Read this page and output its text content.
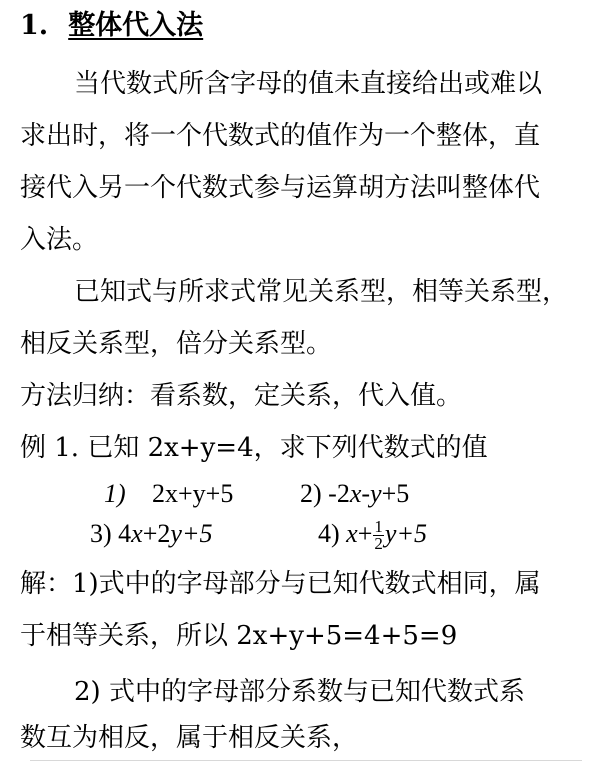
1. 整体代入法
当代数式所含字母的值未直接给出或难以
求出时，将一个代数式的值作为一个整体，直
接代入另一个代数式参与运算胡方法叫整体代
入法。
已知式与所求式常见关系型，相等关系型，
相反关系型，倍分关系型。
方法归纳：看系数，定关系，代入值。
例 1. 已知 2x+y=4，求下列代数式的值
1) 2x+y+5	2) -2x-y+5
3) 4x+2y+5	4) $x+ \frac{1}{2} y+5$
解：1)式中的字母部分与已知代数式相同，属
于相等关系，所以 2x+y+5=4+5=9
2) 式中的字母部分系数与已知代数式系
数互为相反，属于相反关系，
